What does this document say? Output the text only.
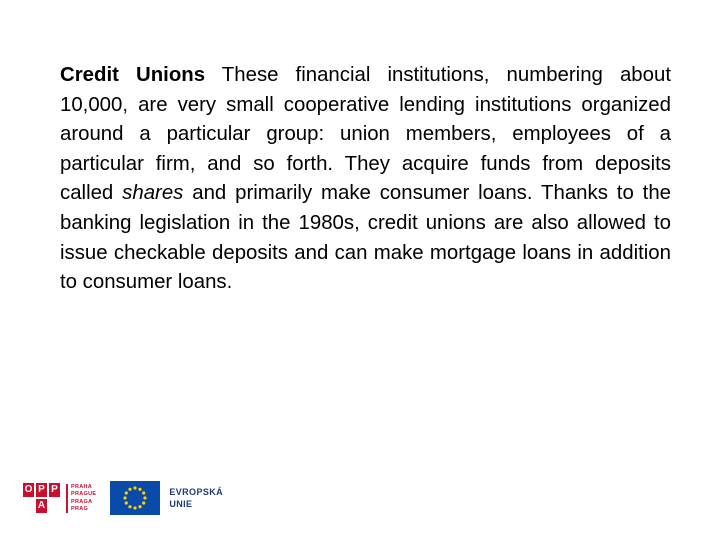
Credit Unions These financial institutions, numbering about 10,000, are very small cooperative lending institutions organized around a particular group: union members, employees of a particular firm, and so forth. They acquire funds from deposits called shares and primarily make consumer loans. Thanks to the banking legislation in the 1980s, credit unions are also allowed to issue checkable deposits and can make mortgage loans in addition to consumer loans.

O P P
A
PRAHA
PRAGUE
PRAGA
PRAG
EVROPSKÁ
UNIE
